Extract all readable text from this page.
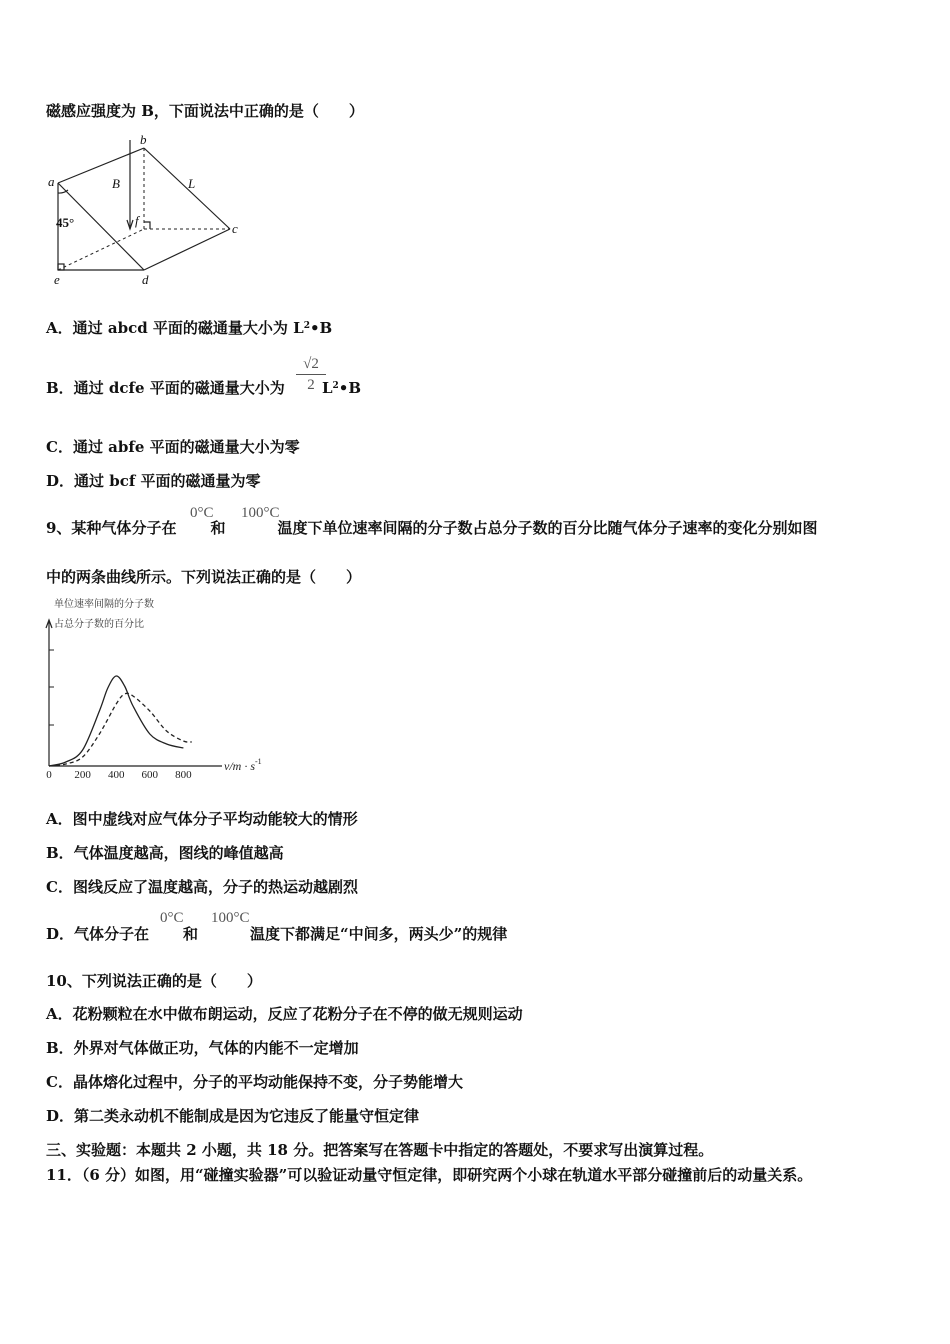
磁感应强度为 B，下面说法中正确的是（　　）
a
b
c
d
e
f
B	L
45°
A．通过 abcd 平面的磁通量大小为 $L^2•B$
B．通过 dcfe 平面的磁通量大小为 $L^2•B$
$\frac{√2}{2}$
C．通过 abfe 平面的磁通量大小为零
D．通过 bcf 平面的磁通量为零
9、某种气体分子在 和	温度下单位速率间隔的分子数占总分子数的百分比随气体分子速率的变化分别如图
0°C 100°C
中的两条曲线所示。下列说法正确的是（　　）
单位速率间隔的分子数
占总分子数的百分比
0 200 400 600 800
$v/m \cdot s^{-1}$
A．图中虚线对应气体分子平均动能较大的情形
B．气体温度越高，图线的峰值越高
C．图线反应了温度越高，分子的热运动越剧烈
D．气体分子在 和	温度下都满足“中间多，两头少”的规律
0°C 100°C
10、下列说法正确的是（　　）
A．花粉颗粒在水中做布朗运动，反应了花粉分子在不停的做无规则运动
B．外界对气体做正功，气体的内能不一定增加
C．晶体熔化过程中，分子的平均动能保持不变，分子势能增大
D．第二类永动机不能制成是因为它违反了能量守恒定律
三、实验题：本题共 2 小题，共 18 分。把答案写在答题卡中指定的答题处，不要求写出演算过程。
11．（6 分）如图，用“碰撞实验器”可以验证动量守恒定律，即研究两个小球在轨道水平部分碰撞前后的动量关系。
